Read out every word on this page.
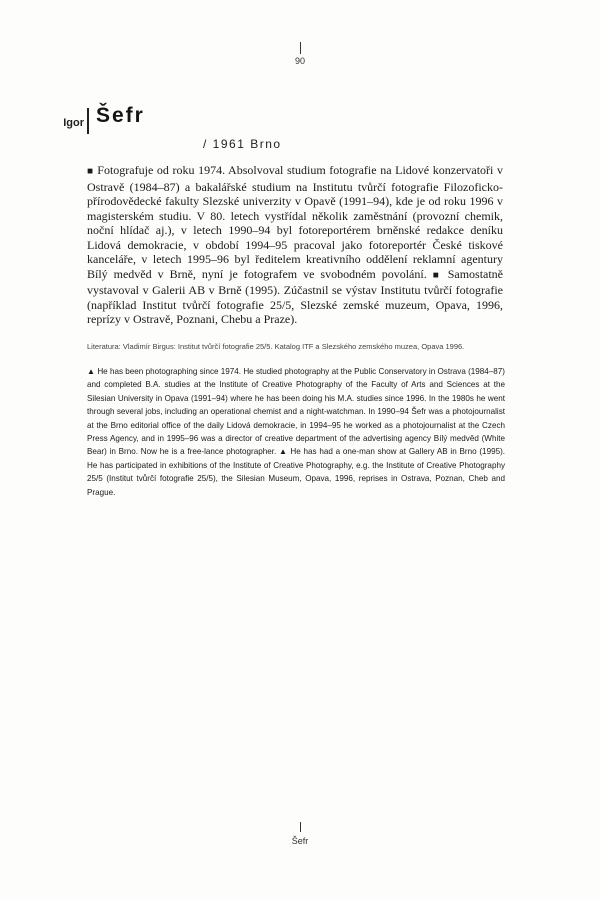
90
Igor Šefr
/ 1961 Brno

■ Fotografuje od roku 1974. Absolvoval studium fotografie na Lidové konzervatoři v Ostravě (1984–87) a bakalářské studium na Institutu tvůrčí fotografie Filozoficko-přírodovědecké fakulty Slezské univerzity v Opavě (1991–94), kde je od roku 1996 v magisterském studiu. V 80. letech vystřídal několik zaměstnání (provozní chemik, noční hlídač aj.), v letech 1990–94 byl fotoreportérem brněnské redakce deníku Lidová demokracie, v období 1994–95 pracoval jako fotoreportér České tiskové kanceláře, v letech 1995–96 byl ředitelem kreativního oddělení reklamní agentury Bílý medvěd v Brně, nyní je fotografem ve svobodném povolání. ■ Samostatně vystavoval v Galerii AB v Brně (1995). Zúčastnil se výstav Institutu tvůrčí fotografie (například Institut tvůrčí fotografie 25/5, Slezské zemské muzeum, Opava, 1996, reprízy v Ostravě, Poznani, Chebu a Praze).

Literatura: Vladimír Birgus: Institut tvůrčí fotografie 25/5. Katalog ITF a Slezského zemského muzea, Opava 1996.

▲ He has been photographing since 1974. He studied photography at the Public Conservatory in Ostrava (1984–87) and completed B.A. studies at the Institute of Creative Photography of the Faculty of Arts and Sciences at the Silesian University in Opava (1991–94) where he has been doing his M.A. studies since 1996. In the 1980s he went through several jobs, including an operational chemist and a night-watchman. In 1990–94 Šefr was a photojournalist at the Brno editorial office of the daily Lidová demokracie, in 1994–95 he worked as a photojournalist at the Czech Press Agency, and in 1995–96 was a director of creative department of the advertising agency Bílý medvěd (White Bear) in Brno. Now he is a free-lance photographer. ▲ He has had a one-man show at Gallery AB in Brno (1995). He has participated in exhibitions of the Institute of Creative Photography, e.g. the Institute of Creative Photography 25/5 (Institut tvůrčí fotografie 25/5), the Silesian Museum, Opava, 1996, reprises in Ostrava, Poznan, Cheb and Prague.

Šefr
